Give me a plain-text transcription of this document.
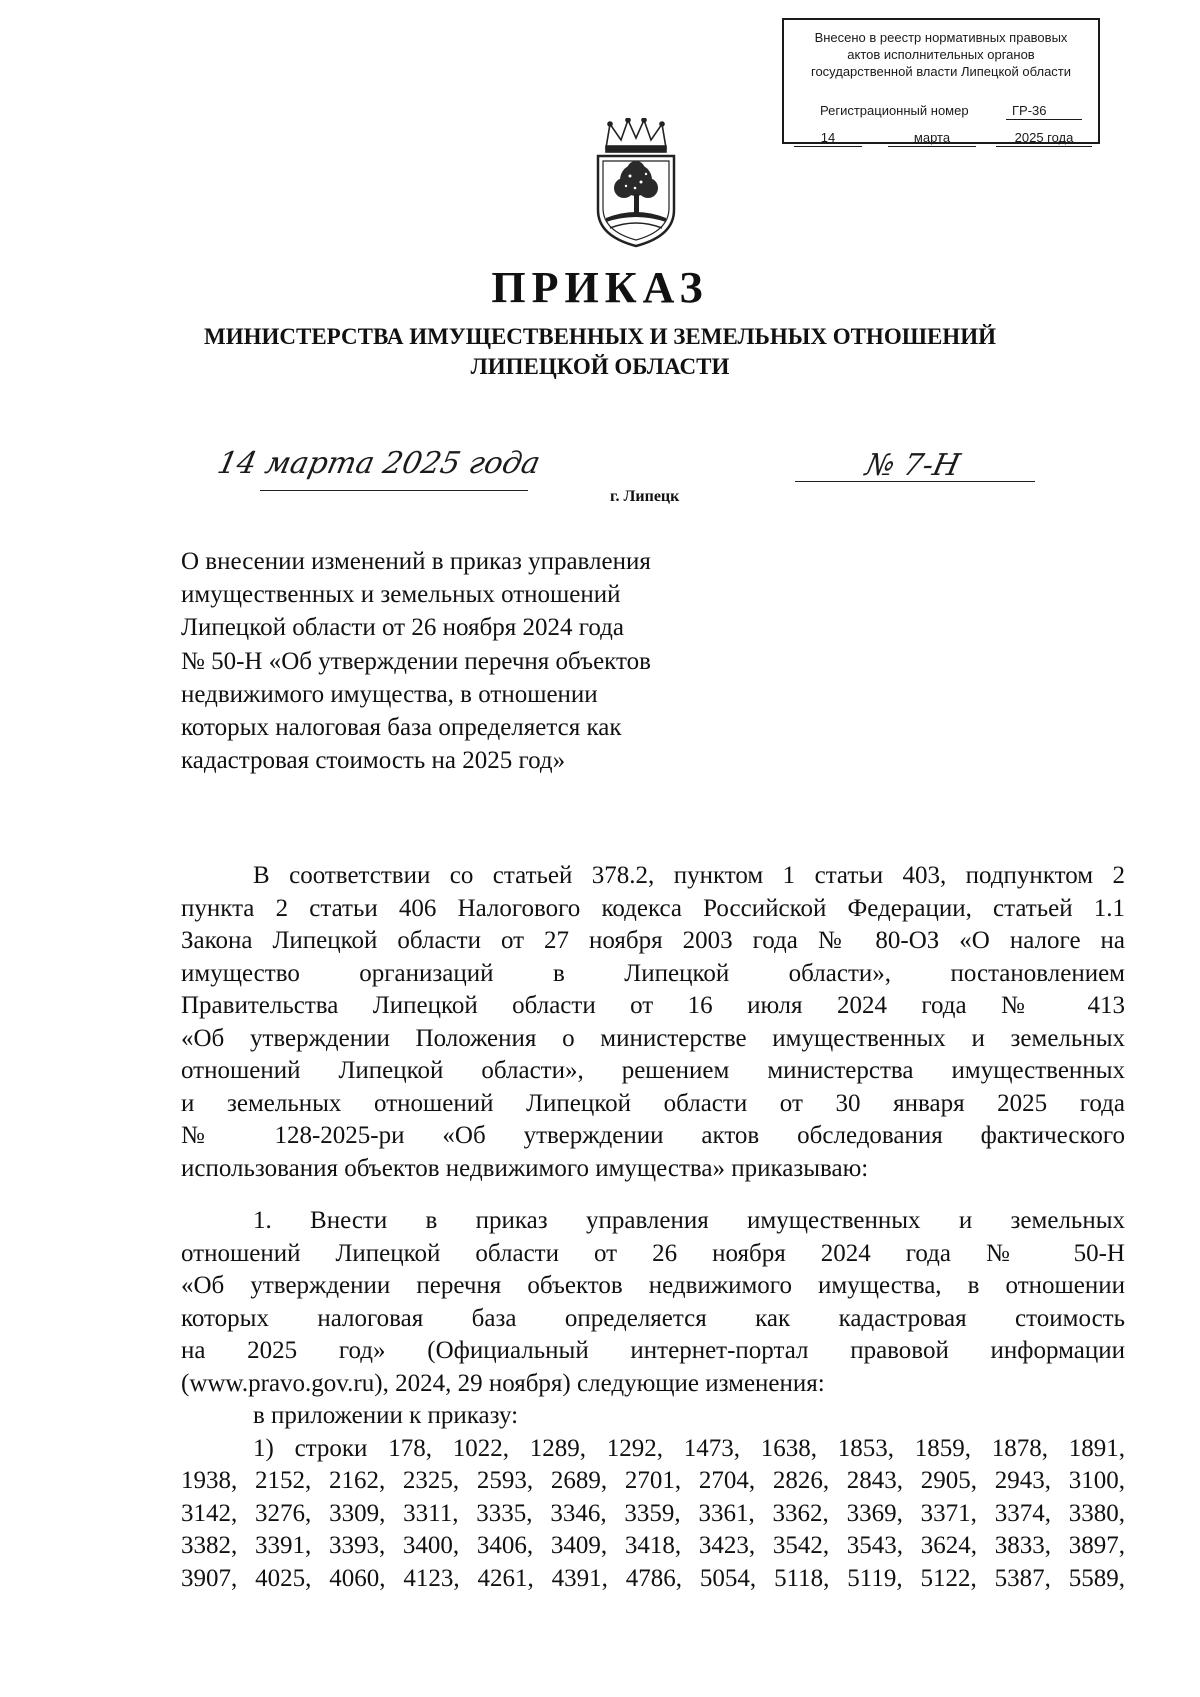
Внесено в реестр нормативных правовых
актов исполнительных органов
государственной власти Липецкой области
Регистрационный номер	ГР-36
14	марта	2025 года
ПРИКАЗ
МИНИСТЕРСТВА ИМУЩЕСТВЕННЫХ И ЗЕМЕЛЬНЫХ ОТНОШЕНИЙ
ЛИПЕЦКОЙ ОБЛАСТИ
14 марта 2025 года	№ 7-Н
г. Липецк
О внесении изменений в приказ управления
имущественных и земельных отношений
Липецкой области от 26 ноября 2024 года
№ 50-Н «Об утверждении перечня объектов
недвижимого имущества, в отношении
которых налоговая база определяется как
кадастровая стоимость на 2025 год»
В соответствии со статьей 378.2, пунктом 1 статьи 403, подпунктом 2
пункта 2 статьи 406 Налогового кодекса Российской Федерации, статьей 1.1
Закона Липецкой области от 27 ноября 2003 года № 80-ОЗ «О налоге на
имущество организаций в Липецкой области», постановлением
Правительства Липецкой области от 16 июля 2024 года № 413
«Об утверждении Положения о министерстве имущественных и земельных
отношений Липецкой области», решением министерства имущественных
и земельных отношений Липецкой области от 30 января 2025 года
№ 128-2025-ри «Об утверждении актов обследования фактического
использования объектов недвижимого имущества» приказываю:
1. Внести в приказ управления имущественных и земельных
отношений Липецкой области от 26 ноября 2024 года № 50-Н
«Об утверждении перечня объектов недвижимого имущества, в отношении
которых налоговая база определяется как кадастровая стоимость
на 2025 год» (Официальный интернет-портал правовой информации
(www.pravo.gov.ru), 2024, 29 ноября) следующие изменения:
в приложении к приказу:
1) строки 178, 1022, 1289, 1292, 1473, 1638, 1853, 1859, 1878, 1891,
1938, 2152, 2162, 2325, 2593, 2689, 2701, 2704, 2826, 2843, 2905, 2943, 3100,
3142, 3276, 3309, 3311, 3335, 3346, 3359, 3361, 3362, 3369, 3371, 3374, 3380,
3382, 3391, 3393, 3400, 3406, 3409, 3418, 3423, 3542, 3543, 3624, 3833, 3897,
3907, 4025, 4060, 4123, 4261, 4391, 4786, 5054, 5118, 5119, 5122, 5387, 5589,
